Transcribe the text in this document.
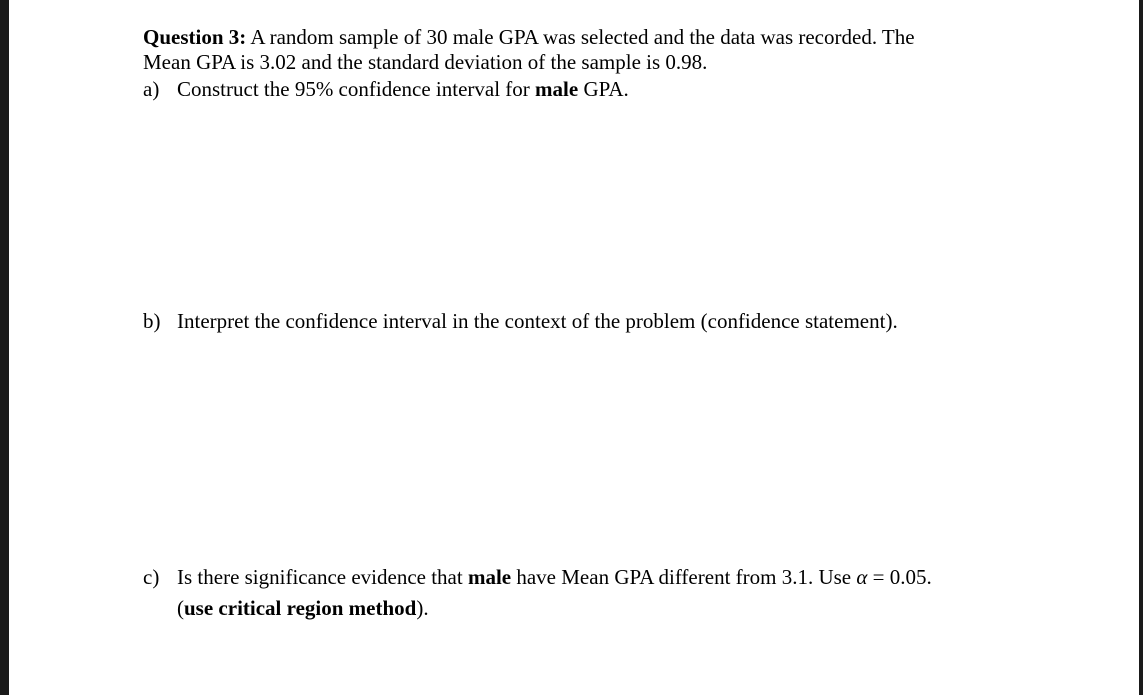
Question 3: A random sample of 30 male GPA was selected and the data was recorded. The
Mean GPA is 3.02 and the standard deviation of the sample is 0.98.
a) Construct the 95% confidence interval for male GPA.
b) Interpret the confidence interval in the context of the problem (confidence statement).
c) Is there significance evidence that male have Mean GPA different from 3.1. Use α = 0.05.
(use critical region method).
